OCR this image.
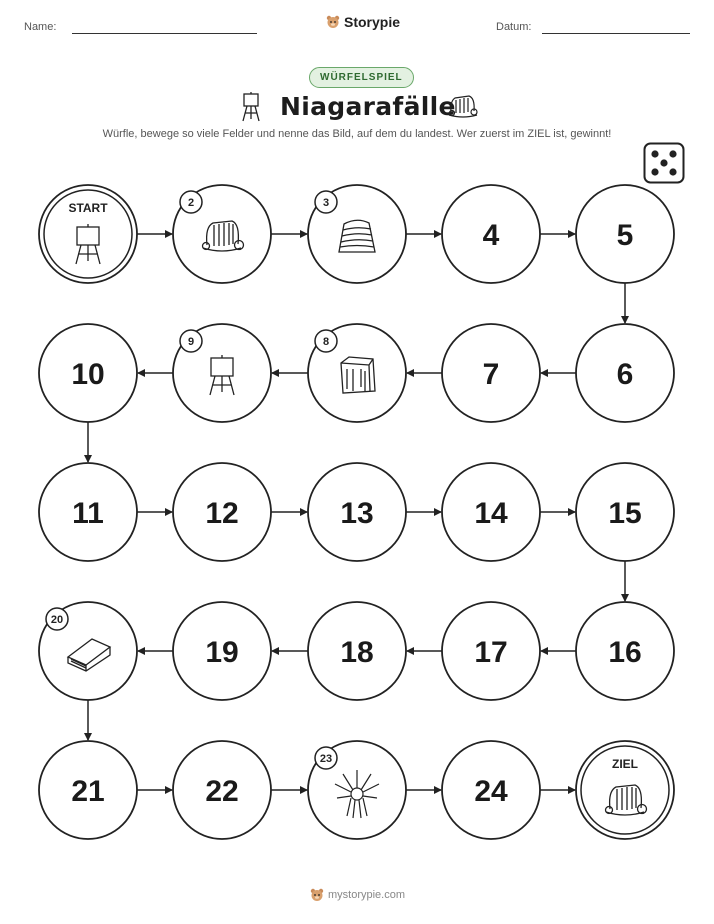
Name:	Storypie	Datum:
WÜRFELSPIEL
Niagarafälle
Würfle, bewege so viele Felder und nenne das Bild, auf dem du landest. Wer zuerst im ZIEL ist, gewinnt!
START	2	3
4	5
6
7
8
9
10
11	12	13	14	15
16
17
18
19
20
21	22
23
24
ZIEL
mystorypie.com
